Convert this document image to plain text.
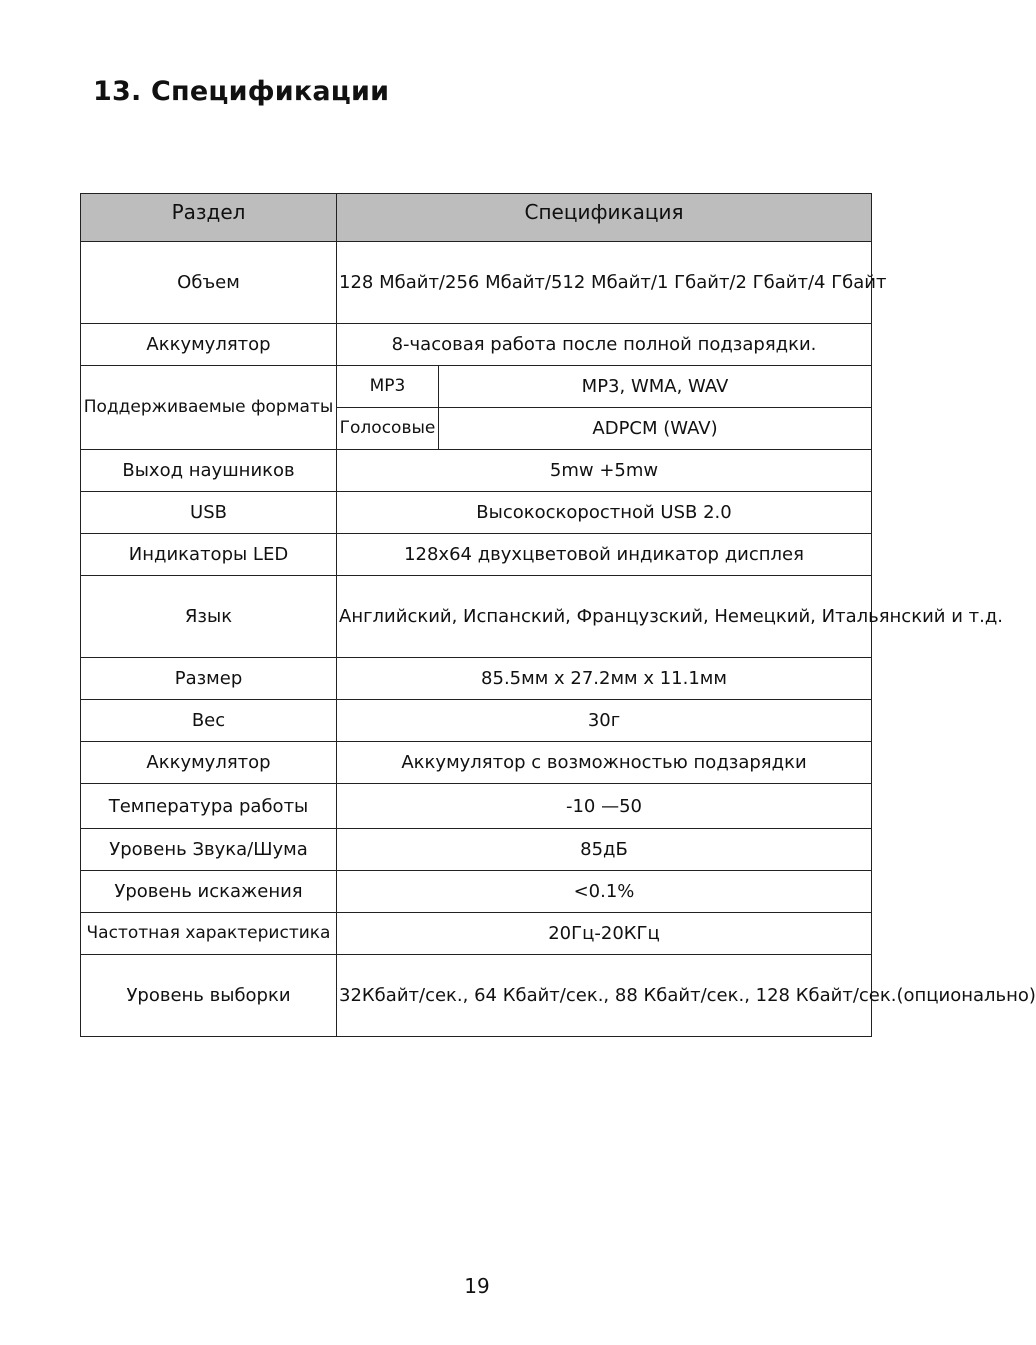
13. Спецификации
Раздел	Спецификация	
Объем	128 Мбайт/256 Мбайт/512 Мбайт/1 Гбайт/2 Гбайт/4 Гбайт	
Аккумулятор	8-часовая работа после полной подзарядки.	
Поддерживаемые форматы	MP3	MP3, WMA, WAV
	Голосовые	ADPCM (WAV)
Выход наушников	5mw +5mw	
USB	Высокоскоростной USB 2.0	
Индикаторы LED	128x64 двухцветовой индикатор дисплея	
Язык	Английский, Испанский, Французский, Немецкий, Итальянский и т.д.	
Размер	85.5мм x 27.2мм x 11.1мм	
Вес	30г	
Аккумулятор	Аккумулятор с возможностью подзарядки	
Температура работы	-10 —50	
Уровень Звука/Шума	85дБ	
Уровень искажения	<0.1%	
Частотная характеристика	20Гц-20КГц	
Уровень выборки	32Кбайт/сек., 64 Кбайт/сек., 88 Кбайт/сек., 128 Кбайт/сек.(опционально)	
19
